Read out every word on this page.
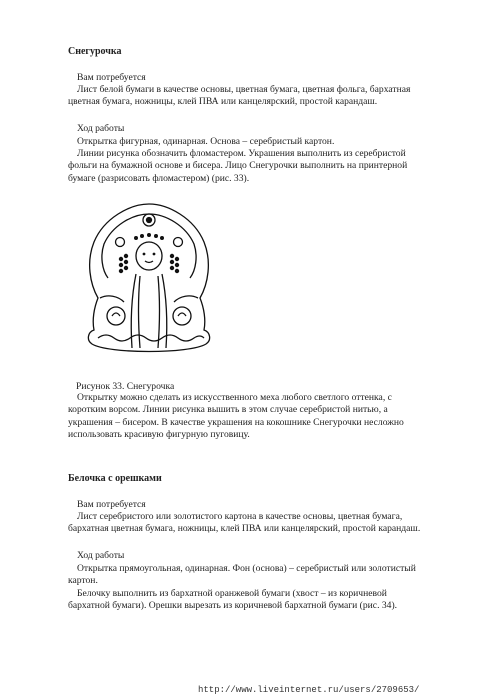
Снегурочка

Вам потребуется

Лист белой бумаги в качестве основы, цветная бумага, цветная фольга, бархатная цветная бумага, ножницы, клей ПВА или канцелярский, простой карандаш.

Ход работы

Открытка фигурная, одинарная. Основа – серебристый картон.

Линии рисунка обозначить фломастером. Украшения выполнить из серебристой фольги на бумажной основе и бисера. Лицо Снегурочки выполнить на принтерной бумаге (разрисовать фломастером) (рис. 33).

Рисунок 33. Снегурочка

Открытку можно сделать из искусственного меха любого светлого оттенка, с коротким ворсом. Линии рисунка вышить в этом случае серебристой нитью, а украшения – бисером. В качестве украшения на кокошнике Снегурочки несложно использовать красивую фигурную пуговицу.

Белочка с орешками

Вам потребуется

Лист серебристого или золотистого картона в качестве основы, цветная бумага, бархатная цветная бумага, ножницы, клей ПВА или канцелярский, простой карандаш.

Ход работы

Открытка прямоугольная, одинарная. Фон (основа) – серебристый или золотистый картон.

Белочку выполнить из бархатной оранжевой бумаги (хвост – из коричневой бархатной бумаги). Орешки вырезать из коричневой бархатной бумаги (рис. 34).

http://www.liveinternet.ru/users/2709653/
